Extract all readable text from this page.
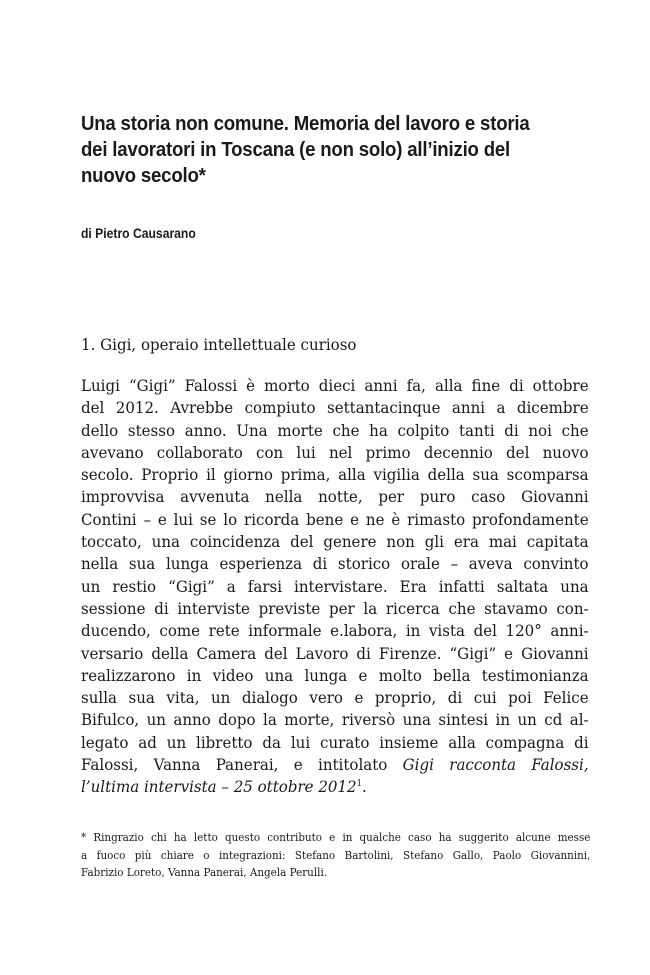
Una storia non comune. Memoria del lavoro e storia
dei lavoratori in Toscana (e non solo) all’inizio del
nuovo secolo*
di Pietro Causarano
1. Gigi, operaio intellettuale curioso
Luigi “Gigi” Falossi è morto dieci anni fa, alla fine di ottobre
del 2012. Avrebbe compiuto settantacinque anni a dicembre
dello stesso anno. Una morte che ha colpito tanti di noi che
avevano collaborato con lui nel primo decennio del nuovo
secolo. Proprio il giorno prima, alla vigilia della sua scomparsa
improvvisa avvenuta nella notte, per puro caso Giovanni
Contini – e lui se lo ricorda bene e ne è rimasto profondamente
toccato, una coincidenza del genere non gli era mai capitata
nella sua lunga esperienza di storico orale – aveva convinto
un restio “Gigi” a farsi intervistare. Era infatti saltata una
sessione di interviste previste per la ricerca che stavamo con-
ducendo, come rete informale e.labora, in vista del 120° anni-
versario della Camera del Lavoro di Firenze. “Gigi” e Giovanni
realizzarono in video una lunga e molto bella testimonianza
sulla sua vita, un dialogo vero e proprio, di cui poi Felice
Bifulco, un anno dopo la morte, riversò una sintesi in un cd al-
legato ad un libretto da lui curato insieme alla compagna di
Falossi, Vanna Panerai, e intitolato Gigi racconta Falossi,
l’ultima intervista – 25 ottobre 2012$^1$.
* Ringrazio chi ha letto questo contributo e in qualche caso ha suggerito alcune messe
a fuoco più chiare o integrazioni: Stefano Bartolini, Stefano Gallo, Paolo Giovannini,
Fabrizio Loreto, Vanna Panerai, Angela Perulli.
